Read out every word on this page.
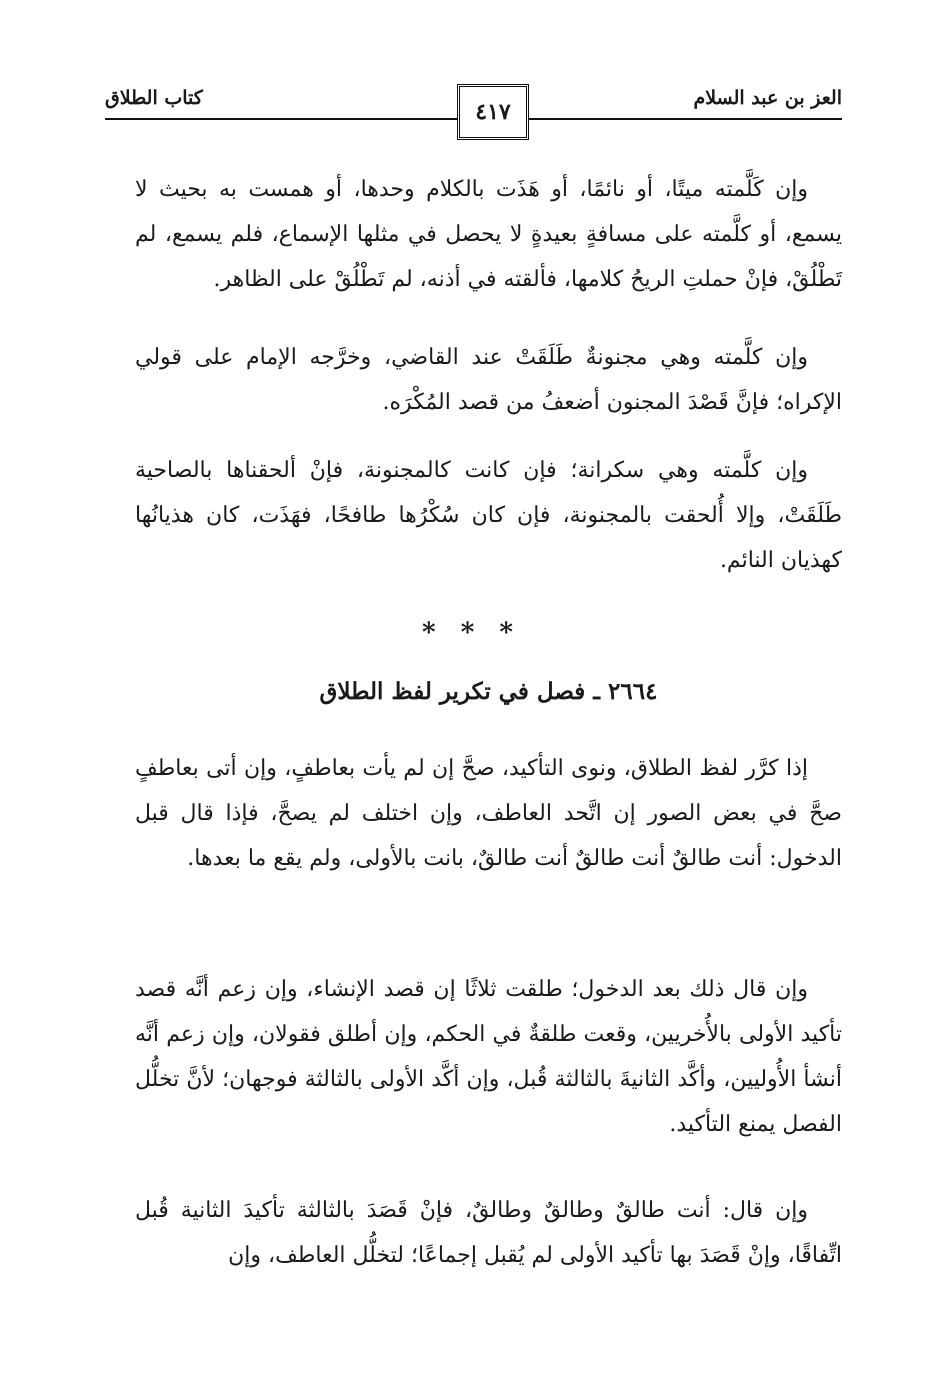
العز بن عبد السلام
كتاب الطلاق
٤١٧

وإن كَلَّمته ميتًا، أو نائمًا، أو هَذَت بالكلام وحدها، أو همست به بحيث لا يسمع، أو كلَّمته على مسافةٍ بعيدةٍ لا يحصل في مثلها الإسماع، فلم يسمع، لم تَطْلُقْ، فإنْ حملتِ الريحُ كلامها، فألقته في أذنه، لم تَطْلُقْ على الظاهر.

وإن كلَّمته وهي مجنونةٌ طَلَقَتْ عند القاضي، وخرَّجه الإمام على قولي الإكراه؛ فإنَّ قَصْدَ المجنون أضعفُ من قصد المُكْرَه.

وإن كلَّمته وهي سكرانة؛ فإن كانت كالمجنونة، فإنْ ألحقناها بالصاحية طَلَقَتْ، وإلا أُلحقت بالمجنونة، فإن كان سُكْرُها طافحًا، فهَذَت، كان هذيانُها كهذيان النائم.

* * *
٢٦٦٤ ـ فصل في تكرير لفظ الطلاق

إذا كرَّر لفظ الطلاق، ونوى التأكيد، صحَّ إن لم يأت بعاطفٍ، وإن أتى بعاطفٍ صحَّ في بعض الصور إن اتَّحد العاطف، وإن اختلف لم يصحَّ، فإذا قال قبل الدخول: أنت طالقٌ أنت طالقٌ أنت طالقٌ، بانت بالأولى، ولم يقع ما بعدها.

وإن قال ذلك بعد الدخول؛ طلقت ثلاثًا إن قصد الإنشاء، وإن زعم أنَّه قصد تأكيد الأولى بالأُخريين، وقعت طلقةٌ في الحكم، وإن أطلق فقولان، وإن زعم أنَّه أنشأ الأُوليين، وأكَّد الثانيةَ بالثالثة قُبل، وإن أكَّد الأولى بالثالثة فوجهان؛ لأنَّ تخلُّل الفصل يمنع التأكيد.

وإن قال: أنت طالقٌ وطالقٌ وطالقٌ، فإنْ قَصَدَ بالثالثة تأكيدَ الثانية قُبل اتِّفاقًا، وإنْ قَصَدَ بها تأكيد الأولى لم يُقبل إجماعًا؛ لتخلُّل العاطف، وإن
